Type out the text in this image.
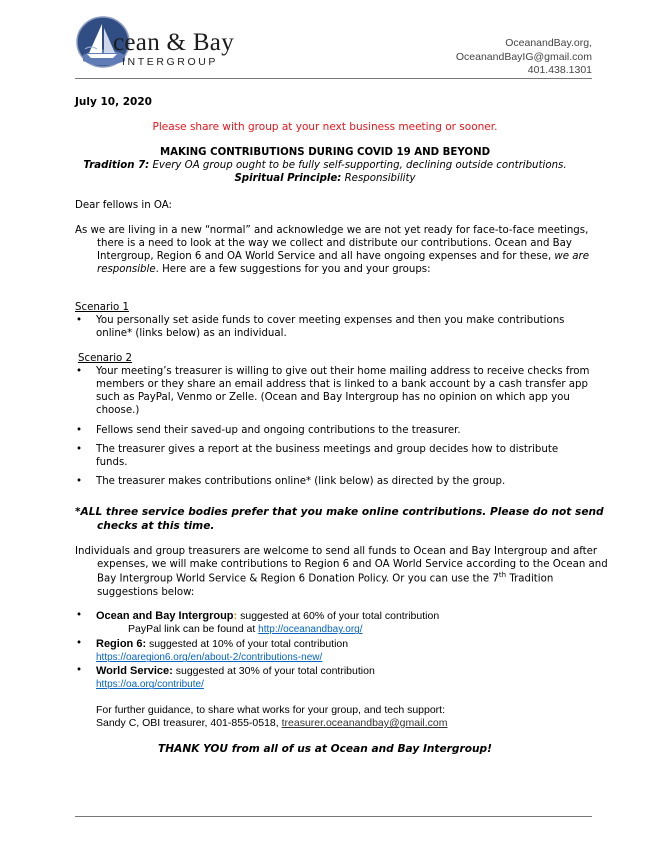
cean & Bay
INTERGROUP
OceanandBay.org,
OceanandBayIG@gmail.com
401.438.1301
July 10, 2020
Please share with group at your next business meeting or sooner.
MAKING CONTRIBUTIONS DURING COVID 19 AND BEYOND
Tradition 7: Every OA group ought to be fully self-supporting, declining outside contributions.
Spiritual Principle: Responsibility
Dear fellows in OA:
As we are living in a new “normal” and acknowledge we are not yet ready for face-to-face meetings, there is a need to look at the way we collect and distribute our contributions. Ocean and Bay Intergroup, Region 6 and OA World Service and all have ongoing expenses and for these, we are responsible. Here are a few suggestions for you and your groups:
Scenario 1
• You personally set aside funds to cover meeting expenses and then you make contributions online* (links below) as an individual.
Scenario 2
• Your meeting’s treasurer is willing to give out their home mailing address to receive checks from members or they share an email address that is linked to a bank account by a cash transfer app such as PayPal, Venmo or Zelle. (Ocean and Bay Intergroup has no opinion on which app you choose.)
• Fellows send their saved-up and ongoing contributions to the treasurer.
• The treasurer gives a report at the business meetings and group decides how to distribute funds.
• The treasurer makes contributions online* (link below) as directed by the group.
*ALL three service bodies prefer that you make online contributions. Please do not send checks at this time.
Individuals and group treasurers are welcome to send all funds to Ocean and Bay Intergroup and after expenses, we will make contributions to Region 6 and OA World Service according to the Ocean and Bay Intergroup World Service & Region 6 Donation Policy. Or you can use the 7th Tradition suggestions below:
• Ocean and Bay Intergroup: suggested at 60% of your total contribution
PayPal link can be found at http://oceanandbay.org/
• Region 6: suggested at 10% of your total contribution
https://oaregion6.org/en/about-2/contributions-new/
• World Service: suggested at 30% of your total contribution
https://oa.org/contribute/
For further guidance, to share what works for your group, and tech support:
Sandy C, OBI treasurer, 401-855-0518, treasurer.oceanandbay@gmail.com
THANK YOU from all of us at Ocean and Bay Intergroup!
